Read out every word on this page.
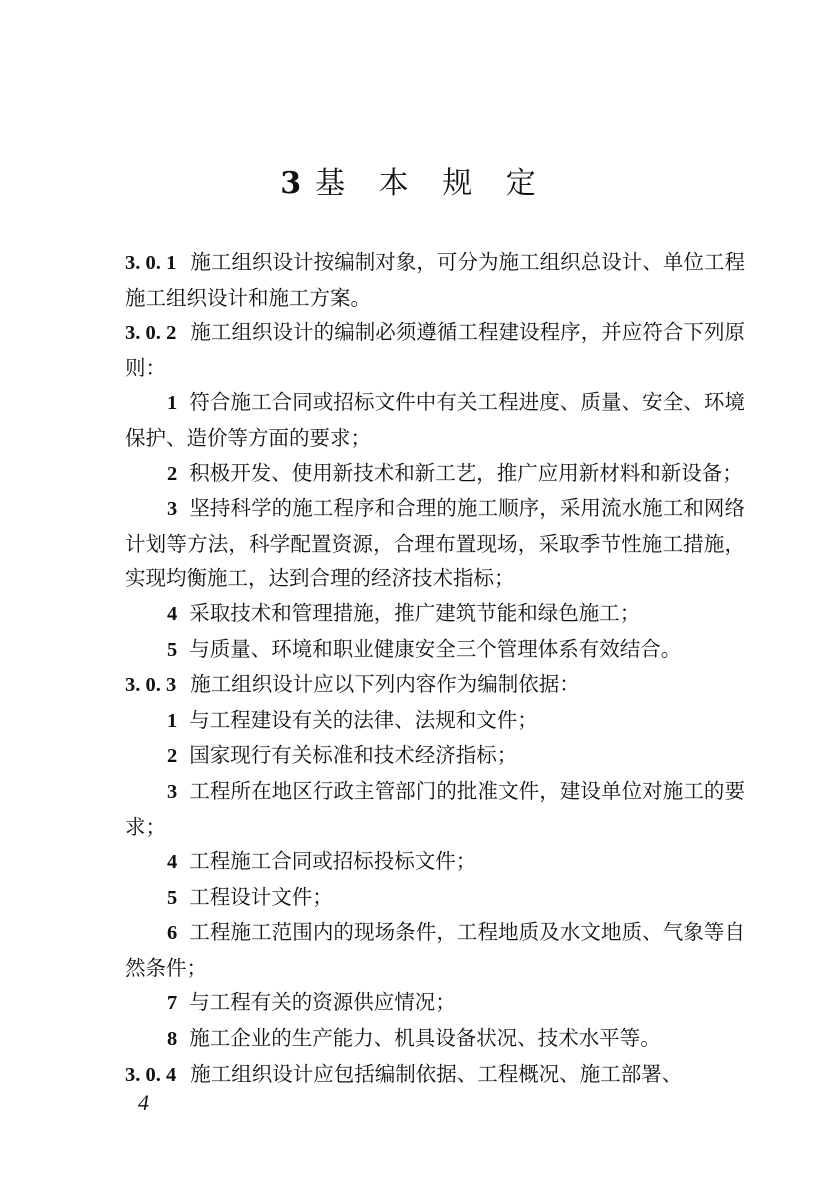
3 基 本 规 定

3. 0. 1 施工组织设计按编制对象，可分为施工组织总设计、单位工程施工组织设计和施工方案。

3. 0. 2 施工组织设计的编制必须遵循工程建设程序，并应符合下列原则：

1 符合施工合同或招标文件中有关工程进度、质量、安全、环境保护、造价等方面的要求；

2 积极开发、使用新技术和新工艺，推广应用新材料和新设备；

3 坚持科学的施工程序和合理的施工顺序，采用流水施工和网络计划等方法，科学配置资源，合理布置现场，采取季节性施工措施，实现均衡施工，达到合理的经济技术指标；

4 采取技术和管理措施，推广建筑节能和绿色施工；

5 与质量、环境和职业健康安全三个管理体系有效结合。

3. 0. 3 施工组织设计应以下列内容作为编制依据：

1 与工程建设有关的法律、法规和文件；

2 国家现行有关标准和技术经济指标；

3 工程所在地区行政主管部门的批准文件，建设单位对施工的要求；

4 工程施工合同或招标投标文件；

5 工程设计文件；

6 工程施工范围内的现场条件，工程地质及水文地质、气象等自然条件；

7 与工程有关的资源供应情况；

8 施工企业的生产能力、机具设备状况、技术水平等。

3. 0. 4 施工组织设计应包括编制依据、工程概况、施工部署、

4
